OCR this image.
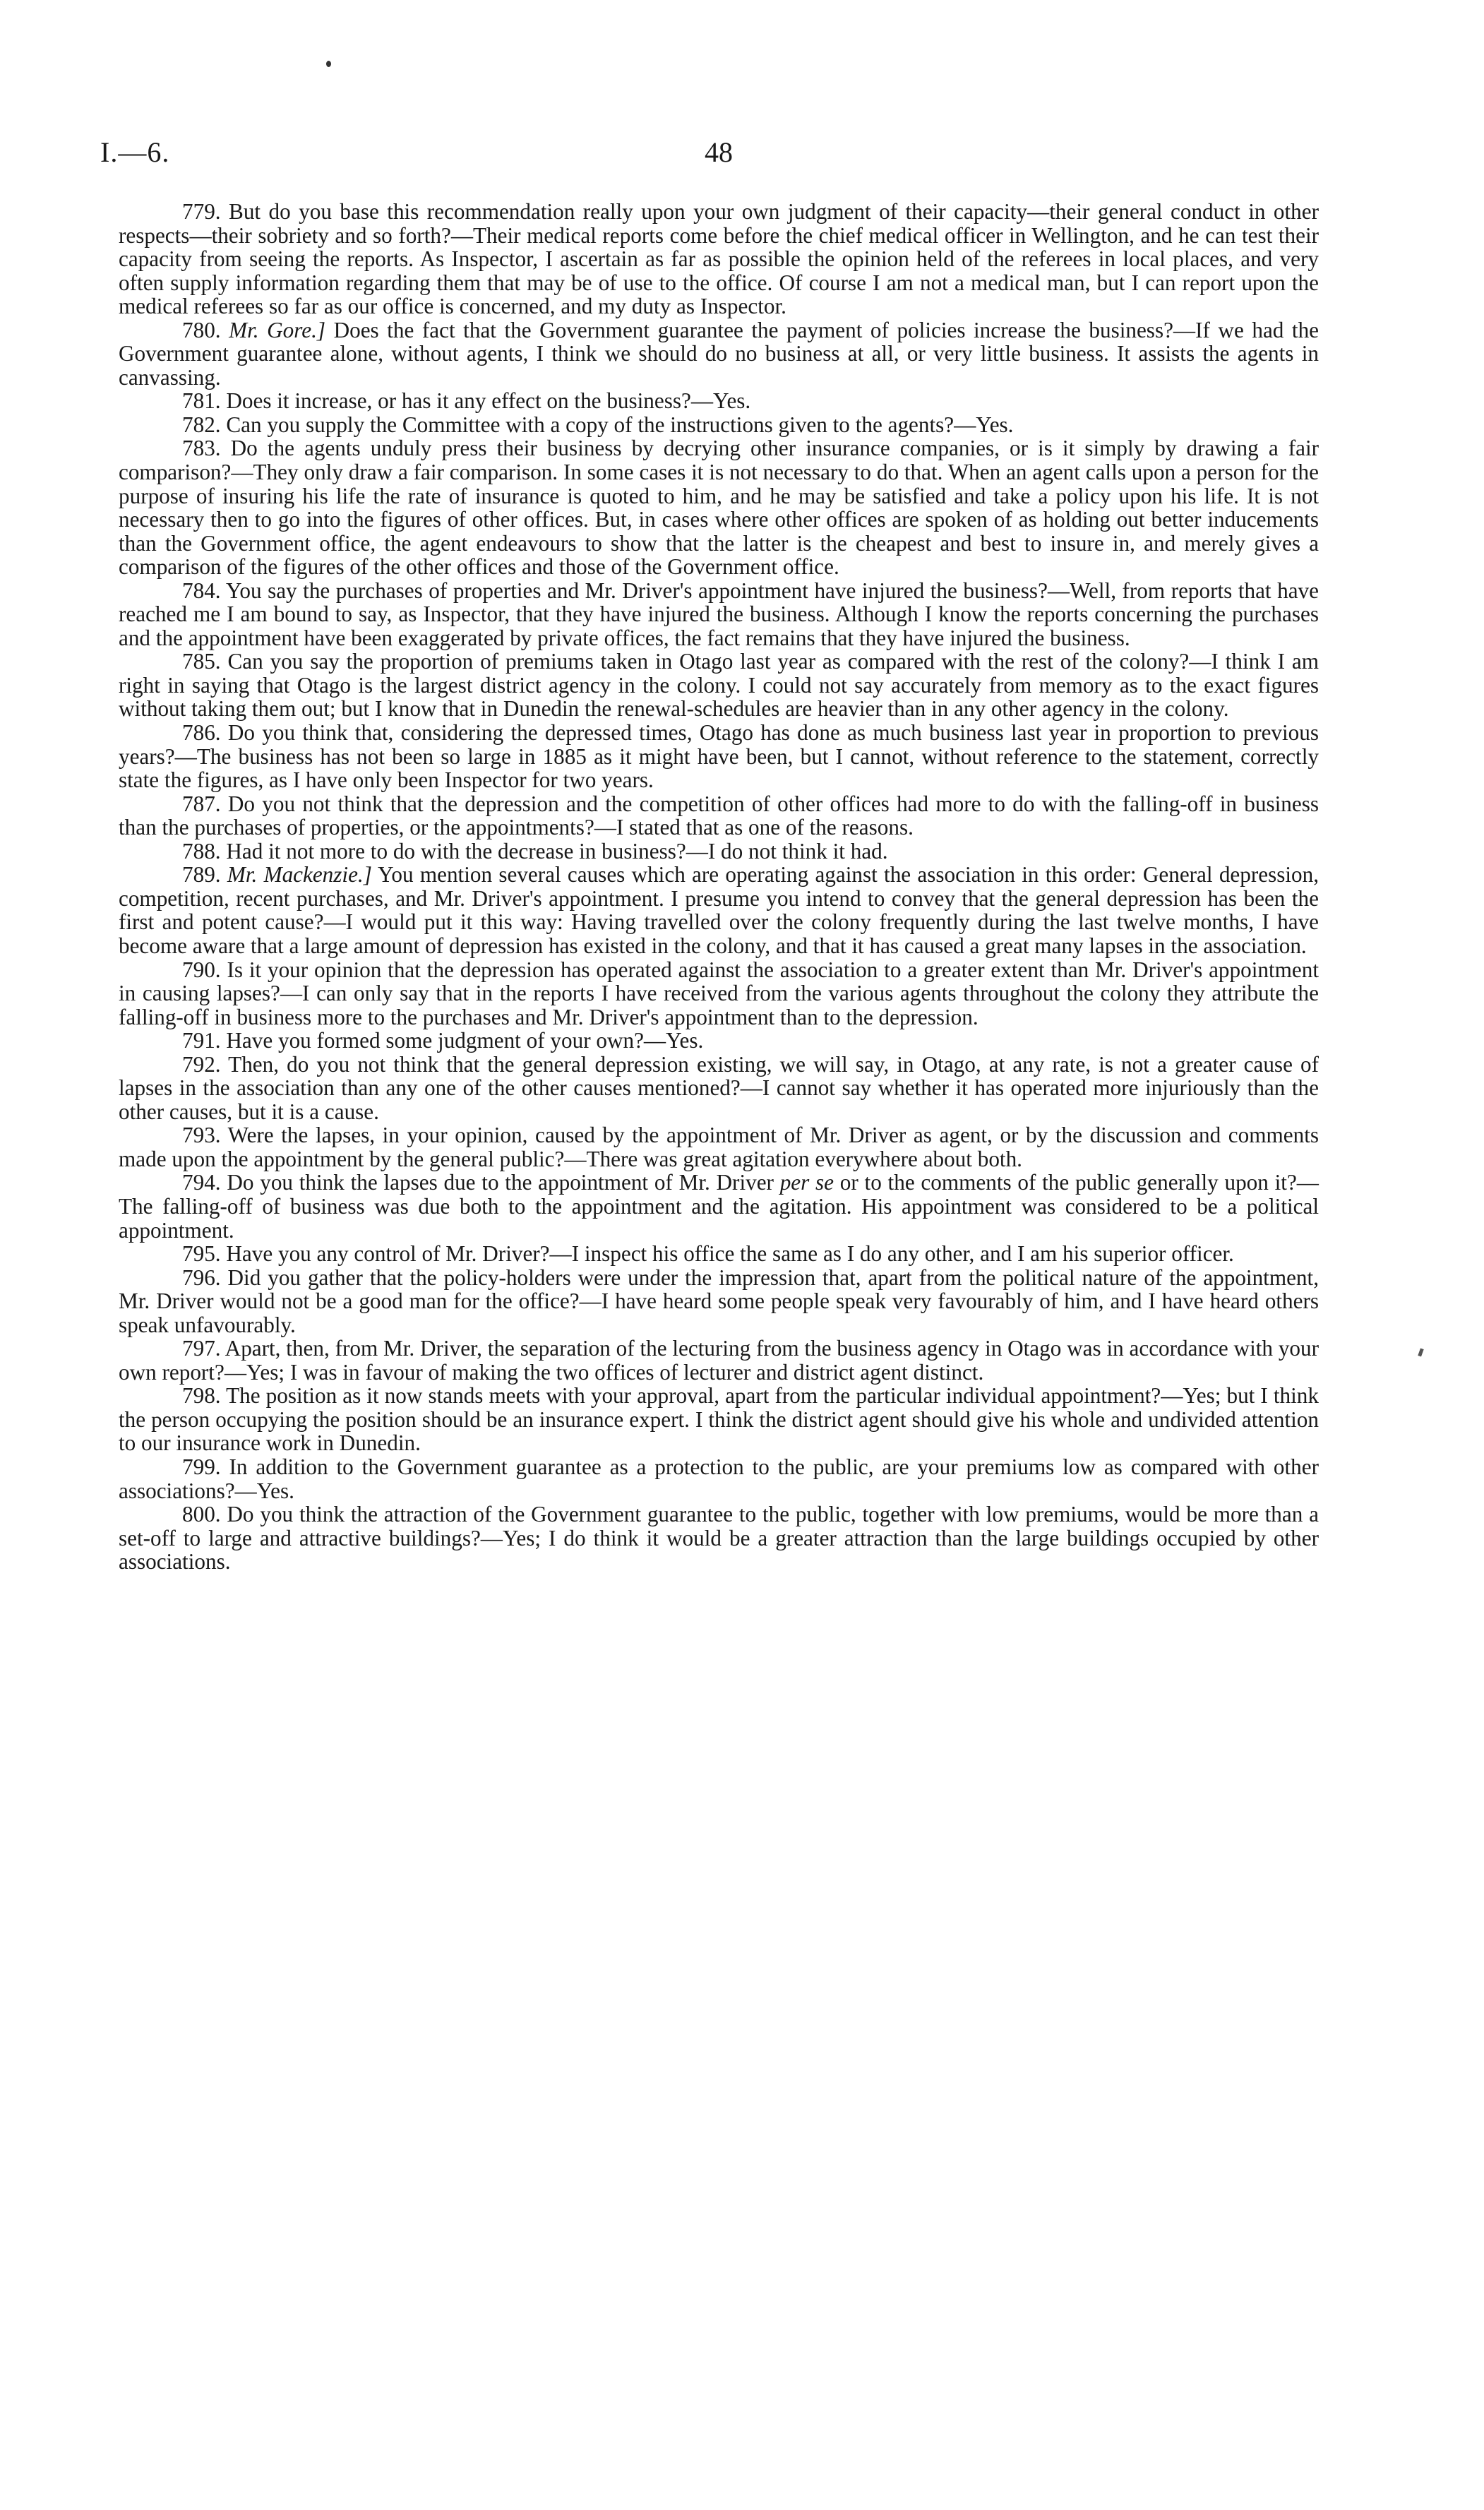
I.—6.	48

779. But do you base this recommendation really upon your own judgment of their capacity—their general conduct in other respects—their sobriety and so forth?—Their medical reports come before the chief medical officer in Wellington, and he can test their capacity from seeing the reports. As Inspector, I ascertain as far as possible the opinion held of the referees in local places, and very often supply information regarding them that may be of use to the office. Of course I am not a medical man, but I can report upon the medical referees so far as our office is concerned, and my duty as Inspector.

780. Mr. Gore.] Does the fact that the Government guarantee the payment of policies increase the business?—If we had the Government guarantee alone, without agents, I think we should do no business at all, or very little business. It assists the agents in canvassing.

781. Does it increase, or has it any effect on the business?—Yes.

782. Can you supply the Committee with a copy of the instructions given to the agents?—Yes.

783. Do the agents unduly press their business by decrying other insurance companies, or is it simply by drawing a fair comparison?—They only draw a fair comparison. In some cases it is not necessary to do that. When an agent calls upon a person for the purpose of insuring his life the rate of insurance is quoted to him, and he may be satisfied and take a policy upon his life. It is not necessary then to go into the figures of other offices. But, in cases where other offices are spoken of as holding out better inducements than the Government office, the agent endeavours to show that the latter is the cheapest and best to insure in, and merely gives a comparison of the figures of the other offices and those of the Government office.

784. You say the purchases of properties and Mr. Driver's appointment have injured the business?—Well, from reports that have reached me I am bound to say, as Inspector, that they have injured the business. Although I know the reports concerning the purchases and the appointment have been exaggerated by private offices, the fact remains that they have injured the business.

785. Can you say the proportion of premiums taken in Otago last year as compared with the rest of the colony?—I think I am right in saying that Otago is the largest district agency in the colony. I could not say accurately from memory as to the exact figures without taking them out; but I know that in Dunedin the renewal-schedules are heavier than in any other agency in the colony.

786. Do you think that, considering the depressed times, Otago has done as much business last year in proportion to previous years?—The business has not been so large in 1885 as it might have been, but I cannot, without reference to the statement, correctly state the figures, as I have only been Inspector for two years.

787. Do you not think that the depression and the competition of other offices had more to do with the falling-off in business than the purchases of properties, or the appointments?—I stated that as one of the reasons.

788. Had it not more to do with the decrease in business?—I do not think it had.

789. Mr. Mackenzie.] You mention several causes which are operating against the association in this order: General depression, competition, recent purchases, and Mr. Driver's appointment. I presume you intend to convey that the general depression has been the first and potent cause?—I would put it this way: Having travelled over the colony frequently during the last twelve months, I have become aware that a large amount of depression has existed in the colony, and that it has caused a great many lapses in the association.

790. Is it your opinion that the depression has operated against the association to a greater extent than Mr. Driver's appointment in causing lapses?—I can only say that in the reports I have received from the various agents throughout the colony they attribute the falling-off in business more to the purchases and Mr. Driver's appointment than to the depression.

791. Have you formed some judgment of your own?—Yes.

792. Then, do you not think that the general depression existing, we will say, in Otago, at any rate, is not a greater cause of lapses in the association than any one of the other causes mentioned?—I cannot say whether it has operated more injuriously than the other causes, but it is a cause.

793. Were the lapses, in your opinion, caused by the appointment of Mr. Driver as agent, or by the discussion and comments made upon the appointment by the general public?—There was great agitation everywhere about both.

794. Do you think the lapses due to the appointment of Mr. Driver per se or to the comments of the public generally upon it?—The falling-off of business was due both to the appointment and the agitation. His appointment was considered to be a political appointment.

795. Have you any control of Mr. Driver?—I inspect his office the same as I do any other, and I am his superior officer.

796. Did you gather that the policy-holders were under the impression that, apart from the political nature of the appointment, Mr. Driver would not be a good man for the office?—I have heard some people speak very favourably of him, and I have heard others speak unfavourably.

797. Apart, then, from Mr. Driver, the separation of the lecturing from the business agency in Otago was in accordance with your own report?—Yes; I was in favour of making the two offices of lecturer and district agent distinct.

798. The position as it now stands meets with your approval, apart from the particular individual appointment?—Yes; but I think the person occupying the position should be an insurance expert. I think the district agent should give his whole and undivided attention to our insurance work in Dunedin.

799. In addition to the Government guarantee as a protection to the public, are your premiums low as compared with other associations?—Yes.

800. Do you think the attraction of the Government guarantee to the public, together with low premiums, would be more than a set-off to large and attractive buildings?—Yes; I do think it would be a greater attraction than the large buildings occupied by other associations.
